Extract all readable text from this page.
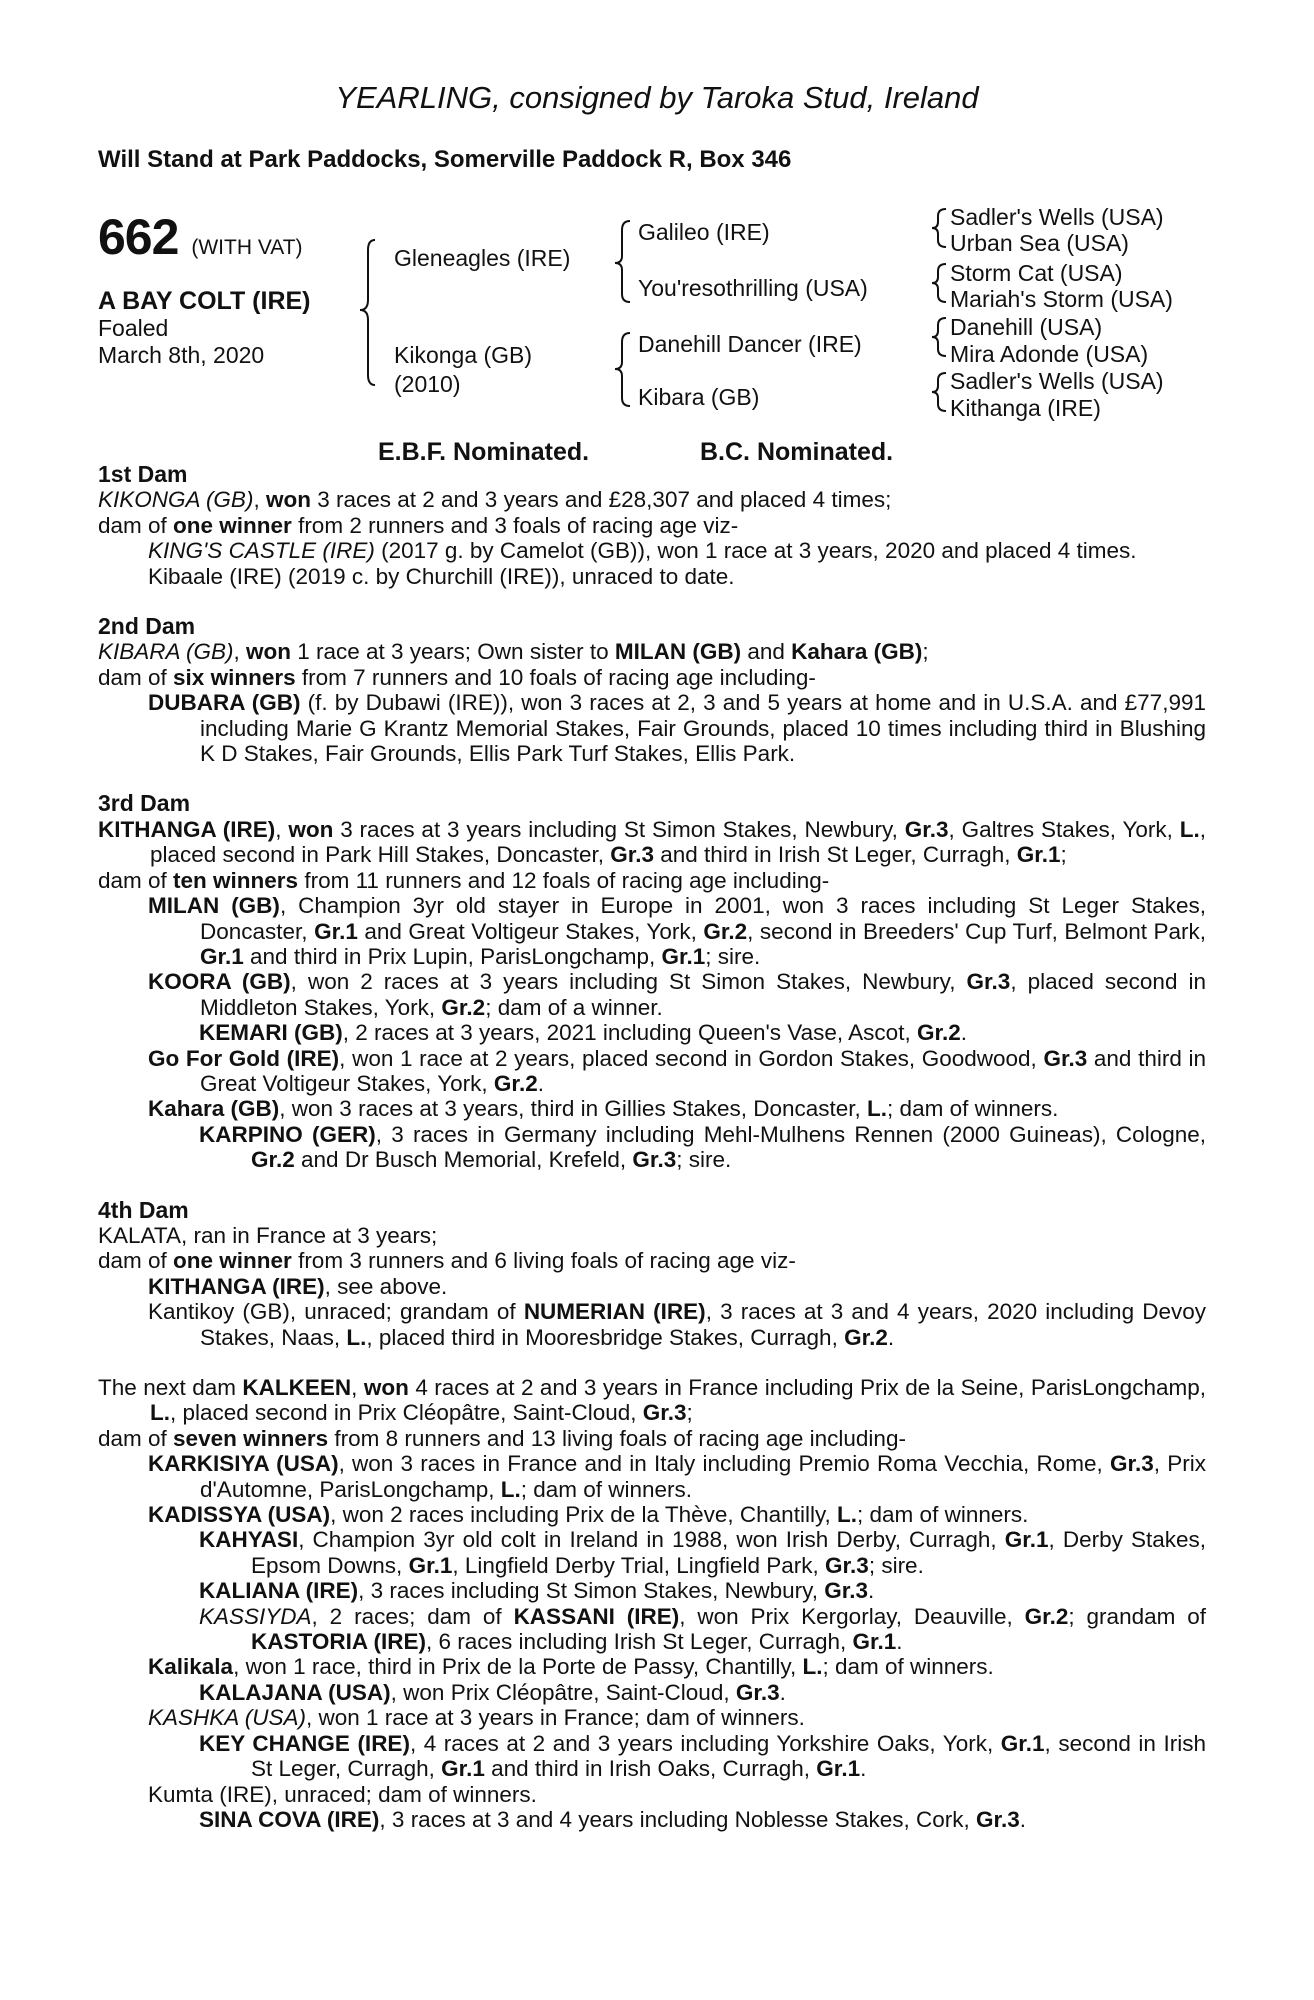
YEARLING, consigned by Taroka Stud, Ireland
Will Stand at Park Paddocks, Somerville Paddock R, Box 346
662 (WITH VAT)
A BAY COLT (IRE)
Foaled
March 8th, 2020
Gleneagles (IRE)
Kikonga (GB)
(2010)
Galileo (IRE)
You'resothrilling (USA)
Danehill Dancer (IRE)
Kibara (GB)
Sadler's Wells (USA)
Urban Sea (USA)
Storm Cat (USA)
Mariah's Storm (USA)
Danehill (USA)
Mira Adonde (USA)
Sadler's Wells (USA)
Kithanga (IRE)
E.B.F. Nominated.	B.C. Nominated.

1st Dam

KIKONGA (GB), won 3 races at 2 and 3 years and £28,307 and placed 4 times;

dam of one winner from 2 runners and 3 foals of racing age viz-

KING'S CASTLE (IRE) (2017 g. by Camelot (GB)), won 1 race at 3 years, 2020 and placed 4 times.

Kibaale (IRE) (2019 c. by Churchill (IRE)), unraced to date.

2nd Dam

KIBARA (GB), won 1 race at 3 years; Own sister to MILAN (GB) and Kahara (GB);

dam of six winners from 7 runners and 10 foals of racing age including-

DUBARA (GB) (f. by Dubawi (IRE)), won 3 races at 2, 3 and 5 years at home and in U.S.A. and £77,991 including Marie G Krantz Memorial Stakes, Fair Grounds, placed 10 times including third in Blushing K D Stakes, Fair Grounds, Ellis Park Turf Stakes, Ellis Park.

3rd Dam

KITHANGA (IRE), won 3 races at 3 years including St Simon Stakes, Newbury, Gr.3, Galtres Stakes, York, L., placed second in Park Hill Stakes, Doncaster, Gr.3 and third in Irish St Leger, Curragh, Gr.1;

dam of ten winners from 11 runners and 12 foals of racing age including-

MILAN (GB), Champion 3yr old stayer in Europe in 2001, won 3 races including St Leger Stakes, Doncaster, Gr.1 and Great Voltigeur Stakes, York, Gr.2, second in Breeders' Cup Turf, Belmont Park, Gr.1 and third in Prix Lupin, ParisLongchamp, Gr.1; sire.

KOORA (GB), won 2 races at 3 years including St Simon Stakes, Newbury, Gr.3, placed second in Middleton Stakes, York, Gr.2; dam of a winner.

KEMARI (GB), 2 races at 3 years, 2021 including Queen's Vase, Ascot, Gr.2.

Go For Gold (IRE), won 1 race at 2 years, placed second in Gordon Stakes, Goodwood, Gr.3 and third in Great Voltigeur Stakes, York, Gr.2.

Kahara (GB), won 3 races at 3 years, third in Gillies Stakes, Doncaster, L.; dam of winners.

KARPINO (GER), 3 races in Germany including Mehl-Mulhens Rennen (2000 Guineas), Cologne, Gr.2 and Dr Busch Memorial, Krefeld, Gr.3; sire.

4th Dam

KALATA, ran in France at 3 years;

dam of one winner from 3 runners and 6 living foals of racing age viz-

KITHANGA (IRE), see above.

Kantikoy (GB), unraced; grandam of NUMERIAN (IRE), 3 races at 3 and 4 years, 2020 including Devoy Stakes, Naas, L., placed third in Mooresbridge Stakes, Curragh, Gr.2.

The next dam KALKEEN, won 4 races at 2 and 3 years in France including Prix de la Seine, ParisLongchamp, L., placed second in Prix Cléopâtre, Saint-Cloud, Gr.3;

dam of seven winners from 8 runners and 13 living foals of racing age including-

KARKISIYA (USA), won 3 races in France and in Italy including Premio Roma Vecchia, Rome, Gr.3, Prix d'Automne, ParisLongchamp, L.; dam of winners.

KADISSYA (USA), won 2 races including Prix de la Thève, Chantilly, L.; dam of winners.

KAHYASI, Champion 3yr old colt in Ireland in 1988, won Irish Derby, Curragh, Gr.1, Derby Stakes, Epsom Downs, Gr.1, Lingfield Derby Trial, Lingfield Park, Gr.3; sire.

KALIANA (IRE), 3 races including St Simon Stakes, Newbury, Gr.3.

KASSIYDA, 2 races; dam of KASSANI (IRE), won Prix Kergorlay, Deauville, Gr.2; grandam of KASTORIA (IRE), 6 races including Irish St Leger, Curragh, Gr.1.

Kalikala, won 1 race, third in Prix de la Porte de Passy, Chantilly, L.; dam of winners.

KALAJANA (USA), won Prix Cléopâtre, Saint-Cloud, Gr.3.

KASHKA (USA), won 1 race at 3 years in France; dam of winners.

KEY CHANGE (IRE), 4 races at 2 and 3 years including Yorkshire Oaks, York, Gr.1, second in Irish St Leger, Curragh, Gr.1 and third in Irish Oaks, Curragh, Gr.1.

Kumta (IRE), unraced; dam of winners.

SINA COVA (IRE), 3 races at 3 and 4 years including Noblesse Stakes, Cork, Gr.3.
